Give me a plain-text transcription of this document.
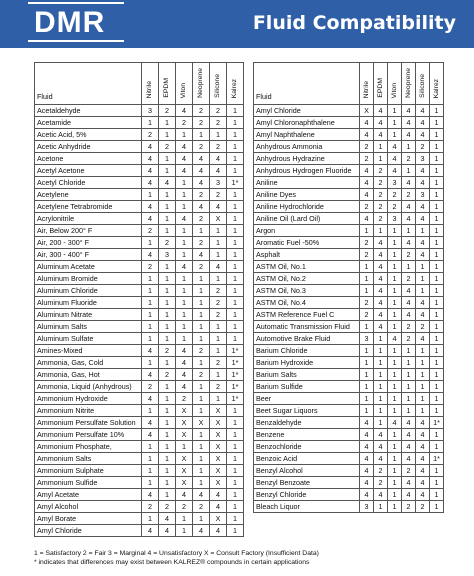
DMR	Fluid Compatibility
Fluid	Nitrile	EPDM	Viton	Neoprene	Silicone	Kalrez
Acetaldehyde	3	2	4	2	2	1
Acetamide	1	1	2	2	2	1
Acetic Acid, 5%	2	1	1	1	1	1
Acetic Anhydride	4	2	4	2	2	1
Acetone	4	1	4	4	4	1
Acetyl Acetone	4	1	4	4	4	1
Acetyl Chloride	4	4	1	4	3	1*
Acetylene	1	1	1	2	2	1
Acetylene Tetrabromide	4	1	1	4	4	1
Acrylonitrile	4	1	4	2	X	1
Air, Below 200° F	2	1	1	1	1	1
Air, 200 - 300° F	1	2	1	2	1	1
Air, 300 - 400° F	4	3	1	4	1	1
Aluminum Acetate	2	1	4	2	4	1
Aluminum Bromide	1	1	1	1	1	1
Aluminum Chloride	1	1	1	1	2	1
Aluminum Fluoride	1	1	1	1	2	1
Aluminum Nitrate	1	1	1	1	2	1
Aluminum Salts	1	1	1	1	1	1
Aluminum Sulfate	1	1	1	1	1	1
Amines-Mixed	4	2	4	2	1	1*
Ammonia, Gas, Cold	1	1	4	1	2	1*
Ammonia, Gas, Hot	4	2	4	2	1	1*
Ammonia, Liquid (Anhydrous)	2	1	4	1	2	1*
Ammonium Hydroxide	4	1	2	1	1	1*
Ammonium Nitrite	1	1	X	1	X	1
Ammonium Persulfate Solution	4	1	X	X	X	1
Ammonium Persulfate 10%	4	1	X	1	X	1
Ammonium Phosphate,	1	1	1	1	X	1
Ammonium Salts	1	1	X	1	X	1
Ammonium Sulphate	1	1	X	1	X	1
Ammonium Sulfide	1	1	X	1	X	1
Amyl Acetate	4	1	4	4	4	1
Amyl Alcohol	2	2	2	2	4	1
Amyl Borate	1	4	1	1	X	1
Amyl Chloride	4	4	1	4	4	1
Fluid	Nitrile	EPDM	Viton	Neoprene	Silicone	Kalrez
Amyl Chloride	X	4	1	4	4	1
Amyl Chloronaphthalene	4	4	1	4	4	1
Amyl Naphthalene	4	4	1	4	4	1
Anhydrous Ammonia	2	1	4	1	2	1
Anhydrous Hydrazine	2	1	4	2	3	1
Anhydrous Hydrogen Fluoride	4	2	4	1	4	1
Aniline	4	2	3	4	4	1
Aniline Dyes	4	2	2	2	3	1
Aniline Hydrochloride	2	2	2	4	4	1
Aniline Oil (Lard Oil)	4	2	3	4	4	1
Argon	1	1	1	1	1	1
Aromatic Fuel -50%	2	4	1	4	4	1
Asphalt	2	4	1	2	4	1
ASTM Oil, No.1	1	4	1	1	1	1
ASTM Oil, No.2	1	4	1	2	1	1
ASTM Oil, No.3	1	4	1	4	1	1
ASTM Oil, No.4	2	4	1	4	4	1
ASTM Reference Fuel C	2	4	1	4	4	1
Automatic Transmission Fluid	1	4	1	2	2	1
Automotive Brake Fluid	3	1	4	2	4	1
Barium Chloride	1	1	1	1	1	1
Barium Hydroxide	1	1	1	1	1	1
Barium Salts	1	1	1	1	1	1
Barium Sulfide	1	1	1	1	1	1
Beer	1	1	1	1	1	1
Beet Sugar Liquors	1	1	1	1	1	1
Benzaldehyde	4	1	4	4	4	1*
Benzene	4	4	1	4	4	1
Benzochloride	4	4	1	4	4	1
Benzoic Acid	4	4	1	4	4	1*
Benzyl Alcohol	4	2	1	2	4	1
Benzyl Benzoate	4	2	1	4	4	1
Benzyl Chloride	4	4	1	4	4	1
Bleach Liquor	3	1	1	2	2	1
1 = Satisfactory 2 = Fair 3 = Marginal 4 = Unsatisfactory X = Consult Factory (Insufficient Data)
* indicates that differences may exist between KALREZ® compounds in certain applications
